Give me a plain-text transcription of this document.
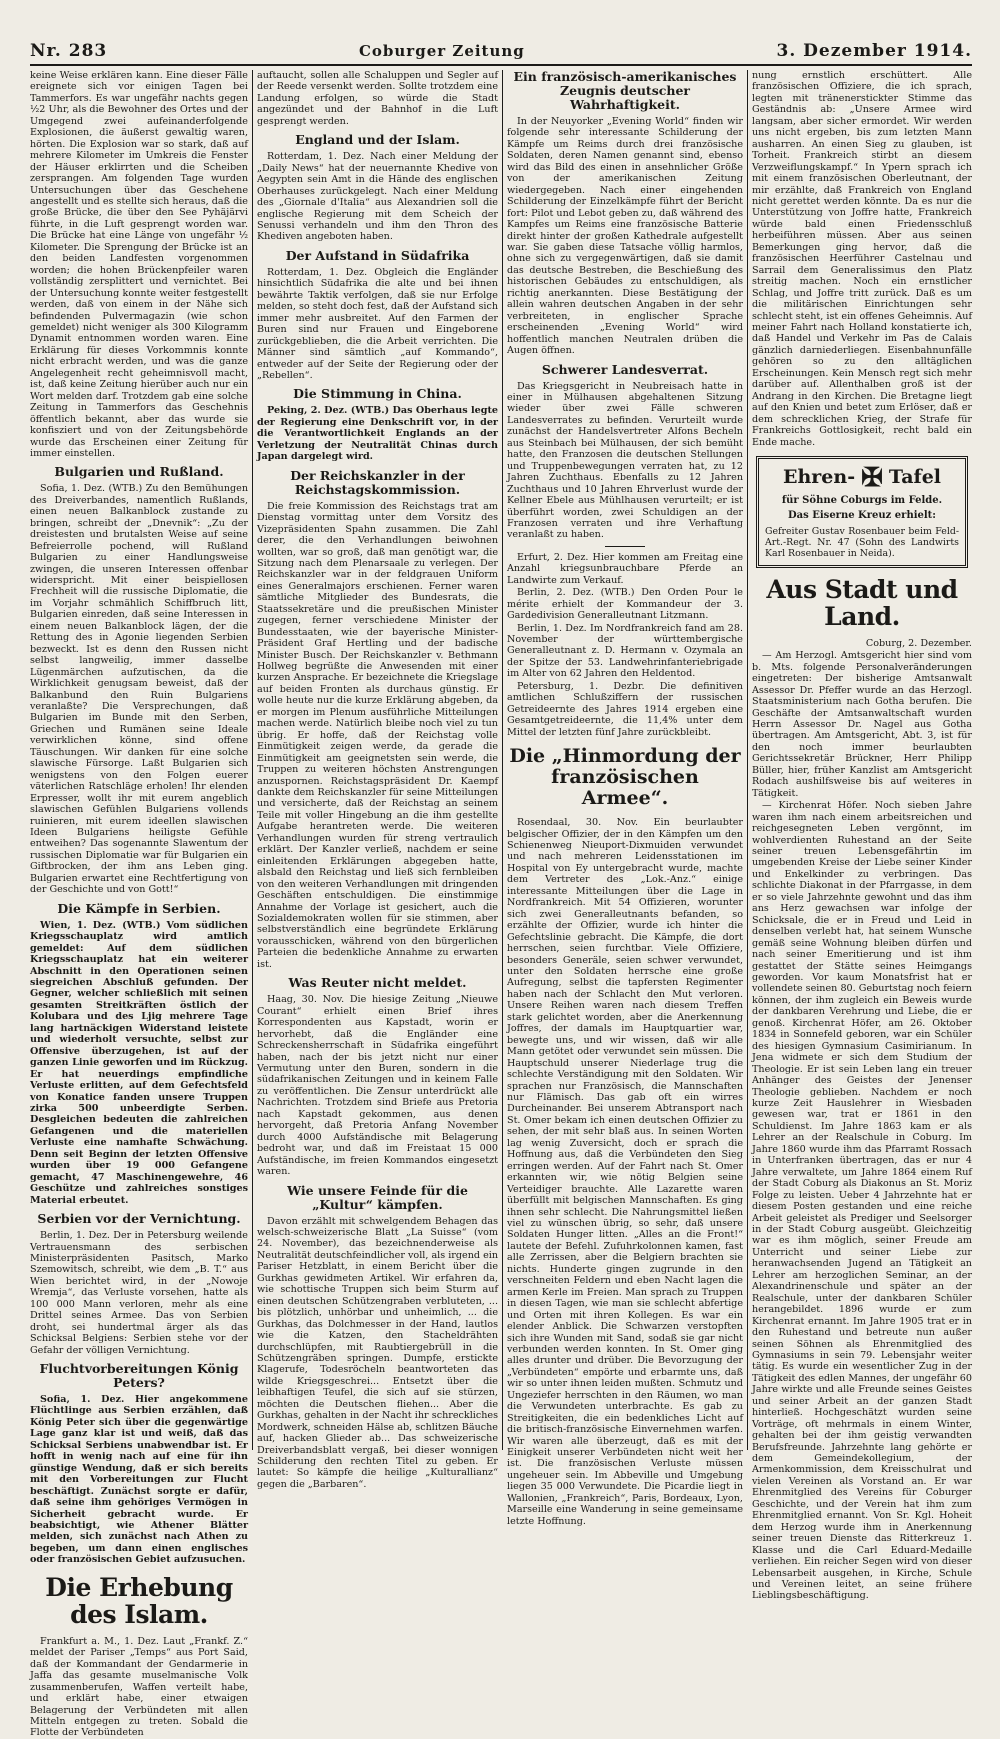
Nr. 283	Coburger Zeitung	3. Dezember 1914.

keine Weise erklären kann. Eine dieser Fälle ereignete sich vor einigen Tagen bei Tammerfors. Es war ungefähr nachts gegen ½2 Uhr, als die Bewohner des Ortes und der Umgegend zwei aufeinanderfolgende Explosionen, die äußerst gewaltig waren, hörten. Die Explosion war so stark, daß auf mehrere Kilometer im Umkreis die Fenster der Häuser erklirrten und die Scheiben zersprangen. Am folgenden Tage wurden Untersuchungen über das Geschehene angestellt und es stellte sich heraus, daß die große Brücke, die über den See Pyhäjärvi führte, in die Luft gesprengt worden war. Die Brücke hat eine Länge von ungefähr ½ Kilometer. Die Sprengung der Brücke ist an den beiden Landfesten vorgenommen worden; die hohen Brückenpfeiler waren vollständig zersplittert und vernichtet. Bei der Untersuchung konnte weiter festgestellt werden, daß von einem in der Nähe sich befindenden Pulvermagazin (wie schon gemeldet) nicht weniger als 300 Kilogramm Dynamit entnommen worden waren. Eine Erklärung für dieses Vorkommnis konnte nicht erbracht werden, und was die ganze Angelegenheit recht geheimnisvoll macht, ist, daß keine Zeitung hierüber auch nur ein Wort melden darf. Trotzdem gab eine solche Zeitung in Tammerfors das Geschehnis öffentlich bekannt, aber das wurde sie konfisziert und von der Zeitungsbehörde wurde das Erscheinen einer Zeitung für immer einstellen.

Bulgarien und Rußland.

Sofia, 1. Dez. (WTB.) Zu den Bemühungen des Dreiverbandes, namentlich Rußlands, einen neuen Balkanblock zustande zu bringen, schreibt der „Dnevnik“: „Zu der dreistesten und brutalsten Weise auf seine Befreierrolle pochend, will Rußland Bulgarien zu einer Handlungsweise zwingen, die unseren Interessen offenbar widerspricht. Mit einer beispiellosen Frechheit will die russische Diplomatie, die im Vorjahr schmählich Schiffbruch litt, Bulgarien einreden, daß seine Interessen in einem neuen Balkanblock lägen, der die Rettung des in Agonie liegenden Serbien bezweckt. Ist es denn den Russen nicht selbst langweilig, immer dasselbe Lügenmärchen aufzutischen, da die Wirklichkeit genugsam beweist, daß der Balkanbund den Ruin Bulgariens veranlaßte? Die Versprechungen, daß Bulgarien im Bunde mit den Serben, Griechen und Rumänen seine Ideale verwirklichen könne, sind offene Täuschungen. Wir danken für eine solche slawische Fürsorge. Laßt Bulgarien sich wenigstens von den Folgen euerer väterlichen Ratschläge erholen! Ihr elenden Erpresser, wollt ihr mit eurem angeblich slawischen Gefühlen Bulgariens vollends ruinieren, mit eurem ideellen slawischen Ideen Bulgariens heiligste Gefühle entweihen? Das sogenannte Slawentum der russischen Diplomatie war für Bulgarien ein Giftbrocken, der ihm ans Leben ging. Bulgarien erwartet eine Rechtfertigung von der Geschichte und von Gott!“

Die Kämpfe in Serbien.

Wien, 1. Dez. (WTB.) Vom südlichen Kriegsschauplatz wird amtlich gemeldet: Auf dem südlichen Kriegsschauplatz hat ein weiterer Abschnitt in den Operationen seinen siegreichen Abschluß gefunden. Der Gegner, welcher schließlich mit seinen gesamten Streitkräften östlich der Kolubara und des Ljig mehrere Tage lang hartnäckigen Widerstand leistete und wiederholt versuchte, selbst zur Offensive überzugehen, ist auf der ganzen Linie geworfen und im Rückzug. Er hat neuerdings empfindliche Verluste erlitten, auf dem Gefechtsfeld von Konatice fanden unsere Truppen zirka 500 unbeerdigte Serben. Desgleichen bedeuten die zahlreichen Gefangenen und die materiellen Verluste eine namhafte Schwächung. Denn seit Beginn der letzten Offensive wurden über 19 000 Gefangene gemacht, 47 Maschinengewehre, 46 Geschütze und zahlreiches sonstiges Material erbeutet.

Serbien vor der Vernichtung.

Berlin, 1. Dez. Der in Petersburg weilende Vertrauensmann des serbischen Ministerpräsidenten Pasitsch, Marko Szemowitsch, schreibt, wie dem „B. T.“ aus Wien berichtet wird, in der „Nowoje Wremja“, das Verluste vorsehen, hatte als 100 000 Mann verloren, mehr als eine Drittel seines Armee. Das von Serbien droht, sei hundertmal ärger als das Schicksal Belgiens: Serbien stehe vor der Gefahr der völligen Vernichtung.

Fluchtvorbereitungen König Peters?

Sofia, 1. Dez. Hier angekommene Flüchtlinge aus Serbien erzählen, daß König Peter sich über die gegenwärtige Lage ganz klar ist und weiß, daß das Schicksal Serbiens unabwendbar ist. Er hofft in wenig nach auf eine für ihn günstige Wendung, daß er sich bereits mit den Vorbereitungen zur Flucht beschäftigt. Zunächst sorgte er dafür, daß seine ihm gehöriges Vermögen in Sicherheit gebracht wurde. Er beabsichtigt, wie Athener Blätter melden, sich zunächst nach Athen zu begeben, um dann einen englisches oder französischen Gebiet aufzusuchen.

Die Erhebung des Islam.

Frankfurt a. M., 1. Dez. Laut „Frankf. Z.“ meldet der Pariser „Temps“ aus Port Said, daß der Kommandant der Gendarmerie in Jaffa das gesamte muselmanische Volk zusammenberufen, Waffen verteilt habe, und erklärt habe, einer etwaigen Belagerung der Verbündeten mit allen Mitteln entgegen zu treten. Sobald die Flotte der Verbündeten

auftaucht, sollen alle Schaluppen und Segler auf der Reede versenkt werden. Sollte trotzdem eine Landung erfolgen, so würde die Stadt angezündet und der Bahnhof in die Luft gesprengt werden.

England und der Islam.

Rotterdam, 1. Dez. Nach einer Meldung der „Daily News“ hat der neuernannte Khedive von Aegypten sein Amt in die Hände des englischen Oberhauses zurückgelegt. Nach einer Meldung des „Giornale d'Italia“ aus Alexandrien soll die englische Regierung mit dem Scheich der Senussi verhandeln und ihm den Thron des Khediven angeboten haben.

Der Aufstand in Südafrika

Rotterdam, 1. Dez. Obgleich die Engländer hinsichtlich Südafrika die alte und bei ihnen bewährte Taktik verfolgen, daß sie nur Erfolge melden, so steht doch fest, daß der Aufstand sich immer mehr ausbreitet. Auf den Farmen der Buren sind nur Frauen und Eingeborene zurückgeblieben, die die Arbeit verrichten. Die Männer sind sämtlich „auf Kommando“, entweder auf der Seite der Regierung oder der „Rebellen“.

Die Stimmung in China.

Peking, 2. Dez. (WTB.) Das Oberhaus legte der Regierung eine Denkschrift vor, in der die Verantwortlichkeit Englands an der Verletzung der Neutralität Chinas durch Japan dargelegt wird.

Der Reichskanzler in der Reichstagskommission.

Die freie Kommission des Reichstags trat am Dienstag vormittag unter dem Vorsitz des Vizepräsidenten Spahn zusammen. Die Zahl derer, die den Verhandlungen beiwohnen wollten, war so groß, daß man genötigt war, die Sitzung nach dem Plenarsaale zu verlegen. Der Reichskanzler war in der feldgrauen Uniform eines Generalmajors erschienen. Ferner waren sämtliche Mitglieder des Bundesrats, die Staatssekretäre und die preußischen Minister zugegen, ferner verschiedene Minister der Bundesstaaten, wie der bayerische Minister-Präsident Graf Hertling und der badische Minister Busch. Der Reichskanzler v. Bethmann Hollweg begrüßte die Anwesenden mit einer kurzen Ansprache. Er bezeichnete die Kriegslage auf beiden Fronten als durchaus günstig. Er wolle heute nur die kurze Erklärung abgeben, da er morgen im Plenum ausführliche Mitteilungen machen werde. Natürlich bleibe noch viel zu tun übrig. Er hoffe, daß der Reichstag volle Einmütigkeit zeigen werde, da gerade die Einmütigkeit am geeignetsten sein werde, die Truppen zu weiteren höchsten Anstrengungen anzuspornen. Reichstagspräsident Dr. Kaempf dankte dem Reichskanzler für seine Mitteilungen und versicherte, daß der Reichstag an seinem Teile mit voller Hingebung an die ihm gestellte Aufgabe herantreten werde. Die weiteren Verhandlungen wurden für streng vertraulich erklärt. Der Kanzler verließ, nachdem er seine einleitenden Erklärungen abgegeben hatte, alsbald den Reichstag und ließ sich fernbleiben von den weiteren Verhandlungen mit dringenden Geschäften entschuldigen. Die einstimmige Annahme der Vorlage ist gesichert, auch die Sozialdemokraten wollen für sie stimmen, aber selbstverständlich eine begründete Erklärung vorausschicken, während von den bürgerlichen Parteien die bedenkliche Annahme zu erwarten ist.

Was Reuter nicht meldet.

Haag, 30. Nov. Die hiesige Zeitung „Nieuwe Courant“ erhielt einen Brief ihres Korrespondenten aus Kapstadt, worin er hervorhebt, daß die Engländer eine Schreckensherrschaft in Südafrika eingeführt haben, nach der bis jetzt nicht nur einer Vermutung unter den Buren, sondern in die südafrikanischen Zeitungen und in keinem Falle zu veröffentlichen. Die Zensur unterdrückt alle Nachrichten. Trotzdem sind Briefe aus Pretoria nach Kapstadt gekommen, aus denen hervorgeht, daß Pretoria Anfang November durch 4000 Aufständische mit Belagerung bedroht war, und daß im Freistaat 15 000 Aufständische, im freien Kommandos eingesetzt waren.

Wie unsere Feinde für die „Kultur“ kämpfen.

Davon erzählt mit schwelgendem Behagen das welsch-schweizerische Blatt „La Suisse“ (vom 24. November), das bezeichnenderweise als Neutralität deutschfeindlicher voll, als irgend ein Pariser Hetzblatt, in einem Bericht über die Gurkhas gewidmeten Artikel. Wir erfahren da, wie schottische Truppen sich beim Sturm auf einen deutschen Schützengraben verbluteten, ... bis plötzlich, unhörbar und unheimlich, ... die Gurkhas, das Dolchmesser in der Hand, lautlos wie die Katzen, den Stacheldrähten durchschlüpfen, mit Raubtiergebrüll in die Schützengräben springen. Dumpfe, erstickte Klagerufe, Todesröcheln beantworteten das wilde Kriegsgeschrei... Entsetzt über die leibhaftigen Teufel, die sich auf sie stürzen, möchten die Deutschen fliehen... Aber die Gurkhas, gehalten in der Nacht ihr schreckliches Mordwerk, schneiden Hälse ab, schlitzen Bäuche auf, hacken Glieder ab... Das schweizerische Dreiverbandsblatt vergaß, bei dieser wonnigen Schilderung den rechten Titel zu geben. Er lautet: So kämpfe die heilige „Kulturallianz“ gegen die „Barbaren“.

Ein französisch-amerikanisches Zeugnis deutscher Wahrhaftigkeit.

In der Neuyorker „Evening World“ finden wir folgende sehr interessante Schilderung der Kämpfe um Reims durch drei französische Soldaten, deren Namen genannt sind, ebenso wird das Bild des einen in ansehnlicher Größe von der amerikanischen Zeitung wiedergegeben. Nach einer eingehenden Schilderung der Einzelkämpfe führt der Bericht fort: Pilot und Lebot geben zu, daß während des Kampfes um Reims eine französische Batterie direkt hinter der großen Kathedrale aufgestellt war. Sie gaben diese Tatsache völlig harmlos, ohne sich zu vergegenwärtigen, daß sie damit das deutsche Bestreben, die Beschießung des historischen Gebäudes zu entschuldigen, als richtig anerkannten. Diese Bestätigung der allein wahren deutschen Angaben in der sehr verbreiteten, in englischer Sprache erscheinenden „Evening World“ wird hoffentlich manchen Neutralen drüben die Augen öffnen.

Schwerer Landesverrat.

Das Kriegsgericht in Neubreisach hatte in einer in Mülhausen abgehaltenen Sitzung wieder über zwei Fälle schweren Landesverrates zu befinden. Verurteilt wurde zunächst der Handelsvertreter Alfons Becheln aus Steinbach bei Mülhausen, der sich bemüht hatte, den Franzosen die deutschen Stellungen und Truppenbewegungen verraten hat, zu 12 Jahren Zuchthaus. Ebenfalls zu 12 Jahren Zuchthaus und 10 Jahren Ehrverlust wurde der Kellner Ebele aus Mühlhausen verurteilt; er ist überführt worden, zwei Schuldigen an der Franzosen verraten und ihre Verhaftung veranlaßt zu haben.

Erfurt, 2. Dez. Hier kommen am Freitag eine Anzahl kriegsunbrauchbare Pferde an Landwirte zum Verkauf.

Berlin, 2. Dez. (WTB.) Den Orden Pour le mérite erhielt der Kommandeur der 3. Gardedivision Generalleutnant Litzmann.

Berlin, 1. Dez. Im Nordfrankreich fand am 28. November der württembergische Generalleutnant z. D. Hermann v. Ozymala an der Spitze der 53. Landwehrinfanteriebrigade im Alter von 62 Jahren den Heldentod.

Petersburg, 1. Dezbr. Die definitiven amtlichen Schlußziffern der russischen Getreideernte des Jahres 1914 ergeben eine Gesamtgetreideernte, die 11,4% unter dem Mittel der letzten fünf Jahre zurückbleibt.

Die „Hinmordung der französischen Armee“.

Rosendaal, 30. Nov. Ein beurlaubter belgischer Offizier, der in den Kämpfen um den Schienenweg Nieuport-Dixmuiden verwundet und nach mehreren Leidensstationen im Hospital von Ey untergebracht wurde, machte dem Vertreter des „Lok.-Anz.“ einige interessante Mitteilungen über die Lage in Nordfrankreich. Mit 54 Offizieren, worunter sich zwei Generalleutnants befanden, so erzählte der Offizier, wurde ich hinter die Gefechtslinie gebracht. Die Kämpfe, die dort herrschen, seien furchtbar. Viele Offiziere, besonders Generäle, seien schwer verwundet, unter den Soldaten herrsche eine große Aufregung, selbst die tapfersten Regimenter haben nach der Schlacht den Mut verloren. Unsere Reihen waren nach diesem Treffen stark gelichtet worden, aber die Anerkennung Joffres, der damals im Hauptquartier war, bewegte uns, und wir wissen, daß wir alle Mann getötet oder verwundet sein müssen. Die Hauptschuld unserer Niederlage trug die schlechte Verständigung mit den Soldaten. Wir sprachen nur Französisch, die Mannschaften nur Flämisch. Das gab oft ein wirres Durcheinander. Bei unserem Abtransport nach St. Omer bekam ich einen deutschen Offizier zu sehen, der mit sehr blaß aus. In seinen Worten lag wenig Zuversicht, doch er sprach die Hoffnung aus, daß die Verbündeten den Sieg erringen werden. Auf der Fahrt nach St. Omer erkannten wir, wie nötig Belgien seine Verteidiger brauchte. Alle Lazarette waren überfüllt mit belgischen Mannschaften. Es ging ihnen sehr schlecht. Die Nahrungsmittel ließen viel zu wünschen übrig, so sehr, daß unsere Soldaten Hunger litten. „Alles an die Front!“ lautete der Befehl. Zufuhrkolonnen kamen, fast alle Zerrissen, aber die Belgiern brachten sie nichts. Hunderte gingen zugrunde in den verschneiten Feldern und eben Nacht lagen die armen Kerle im Freien. Man sprach zu Truppen in diesen Tagen, wie man sie schlecht abfertige und Orten mit ihren Kollegen. Es war ein elender Anblick. Die Schwarzen verstopften sich ihre Wunden mit Sand, sodaß sie gar nicht verbunden werden konnten. In St. Omer ging alles drunter und drüber. Die Bevorzugung der „Verbündeten“ empörte und erbarmte uns, daß wir so unter ihnen leiden mußten. Schmutz und Ungeziefer herrschten in den Räumen, wo man die Verwundeten unterbrachte. Es gab zu Streitigkeiten, die ein bedenkliches Licht auf die britisch-französische Einvernehmen warfen. Wir waren alle überzeugt, daß es mit der Einigkeit unserer Verbündeten nicht weit her ist. Die französischen Verluste müssen ungeheuer sein. Im Abbeville und Umgebung liegen 35 000 Verwundete. Die Picardie liegt in Wallonien, „Frankreich“, Paris, Bordeaux, Lyon, Marseille eine Wanderung in seine gemeinsame letzte Hoffnung.

nung ernstlich erschüttert. Alle französischen Offiziere, die ich sprach, legten mit tränenerstickter Stimme das Geständnis ab: „Unsere Armee wird langsam, aber sicher ermordet. Wir werden uns nicht ergeben, bis zum letzten Mann ausharren. An einen Sieg zu glauben, ist Torheit. Frankreich stirbt an diesem Verzweiflungskampf.“ In Ypern sprach ich mit einem französischen Oberleutnant, der mir erzählte, daß Frankreich von England nicht gerettet werden könnte. Da es nur die Unterstützung von Joffre hatte, Frankreich würde bald einen Friedensschluß herbeiführen müssen. Aber aus seinen Bemerkungen ging hervor, daß die französischen Heerführer Castelnau und Sarrail dem Generalissimus den Platz streitig machen. Noch ein ernstlicher Schlag, und Joffre tritt zurück. Daß es um die militärischen Einrichtungen sehr schlecht steht, ist ein offenes Geheimnis. Auf meiner Fahrt nach Holland konstatierte ich, daß Handel und Verkehr im Pas de Calais gänzlich darniederliegen. Eisenbahnunfälle gehören so zu den alltäglichen Erscheinungen. Kein Mensch regt sich mehr darüber auf. Allenthalben groß ist der Andrang in den Kirchen. Die Bretagne liegt auf den Knien und betet zum Erlöser, daß er dem schrecklichen Krieg, der Strafe für Frankreichs Gottlosigkeit, recht bald ein Ende mache.

Ehren- ✠ Tafel
für Söhne Coburgs im Felde.
Das Eiserne Kreuz erhielt:
Gefreiter Gustav Rosenbauer beim Feld-Art.-Regt. Nr. 47 (Sohn des Landwirts Karl Rosenbauer in Neida).
Aus Stadt und Land.

Coburg, 2. Dezember.

— Am Herzogl. Amtsgericht hier sind vom b. Mts. folgende Personalveränderungen eingetreten: Der bisherige Amtsanwalt Assessor Dr. Pfeffer wurde an das Herzogl. Staatsministerium nach Gotha berufen. Die Geschäfte der Amtsanwaltschaft wurden Herrn Assessor Dr. Nagel aus Gotha übertragen. Am Amtsgericht, Abt. 3, ist für den noch immer beurlaubten Gerichtssekretär Brückner, Herr Philipp Büller, hier, früher Kanzlist am Amtsgericht Rodach aushilfsweise bis auf weiteres in Tätigkeit.

— Kirchenrat Höfer. Noch sieben Jahre waren ihm nach einem arbeitsreichen und reichgesegneten Leben vergönnt, im wohlverdienten Ruhestand an der Seite seiner treuen Lebensgefährtin im umgebenden Kreise der Liebe seiner Kinder und Enkelkinder zu verbringen. Das schlichte Diakonat in der Pfarrgasse, in dem er so viele Jahrzehnte gewohnt und das ihm ans Herz gewachsen war infolge der Schicksale, die er in Freud und Leid in denselben verlebt hat, hat seinem Wunsche gemäß seine Wohnung bleiben dürfen und nach seiner Emeritierung und ist ihm gestattet der Stätte seines Heimgangs geworden. Vor kaum Monatsfrist hat er vollendete seinen 80. Geburtstag noch feiern können, der ihm zugleich ein Beweis wurde der dankbaren Verehrung und Liebe, die er genoß. Kirchenrat Höfer, am 26. Oktober 1834 in Sonnefeld geboren, war ein Schüler des hiesigen Gymnasium Casimirianum. In Jena widmete er sich dem Studium der Theologie. Er ist sein Leben lang ein treuer Anhänger des Geistes der Jenenser Theologie geblieben. Nachdem er noch kurze Zeit Hauslehrer in Wiesbaden gewesen war, trat er 1861 in den Schuldienst. Im Jahre 1863 kam er als Lehrer an der Realschule in Coburg. Im Jahre 1860 wurde ihm das Pfarramt Rossach in Unterfranken übertragen, das er nur 4 Jahre verwaltete, um Jahre 1864 einem Ruf der Stadt Coburg als Diakonus an St. Moriz Folge zu leisten. Ueber 4 Jahrzehnte hat er diesem Posten gestanden und eine reiche Arbeit geleistet als Prediger und Seelsorger in der Stadt Coburg ausgeübt. Gleichzeitig war es ihm möglich, seiner Freude am Unterricht und seiner Liebe zur heranwachsenden Jugend an Tätigkeit an Lehrer am herzoglichen Seminar, an der Alexandrinenschule und später an der Realschule, unter der dankbaren Schüler herangebildet. 1896 wurde er zum Kirchenrat ernannt. Im Jahre 1905 trat er in den Ruhestand und betreute nun außer seinen Söhnen als Ehrenmitglied des Gymnasiums in sein 79. Lebensjahr weiter tätig. Es wurde ein wesentlicher Zug in der Tätigkeit des edlen Mannes, der ungefähr 60 Jahre wirkte und alle Freunde seines Geistes und seiner Arbeit an der ganzen Stadt hinterließ. Hochgeschätzt wurden seine Vorträge, oft mehrmals in einem Winter, gehalten bei der ihm geistig verwandten Berufsfreunde. Jahrzehnte lang gehörte er dem Gemeindekollegium, der Armenkommission, dem Kreisschulrat und vielen Vereinen als Vorstand an. Er war Ehrenmitglied des Vereins für Coburger Geschichte, und der Verein hat ihm zum Ehrenmitglied ernannt. Von Sr. Kgl. Hoheit dem Herzog wurde ihm in Anerkennung seiner treuen Dienste das Ritterkreuz 1. Klasse und die Carl Eduard-Medaille verliehen. Ein reicher Segen wird von dieser Lebensarbeit ausgehen, in Kirche, Schule und Vereinen leitet, an seine frühere Lieblingsbeschäftigung.
